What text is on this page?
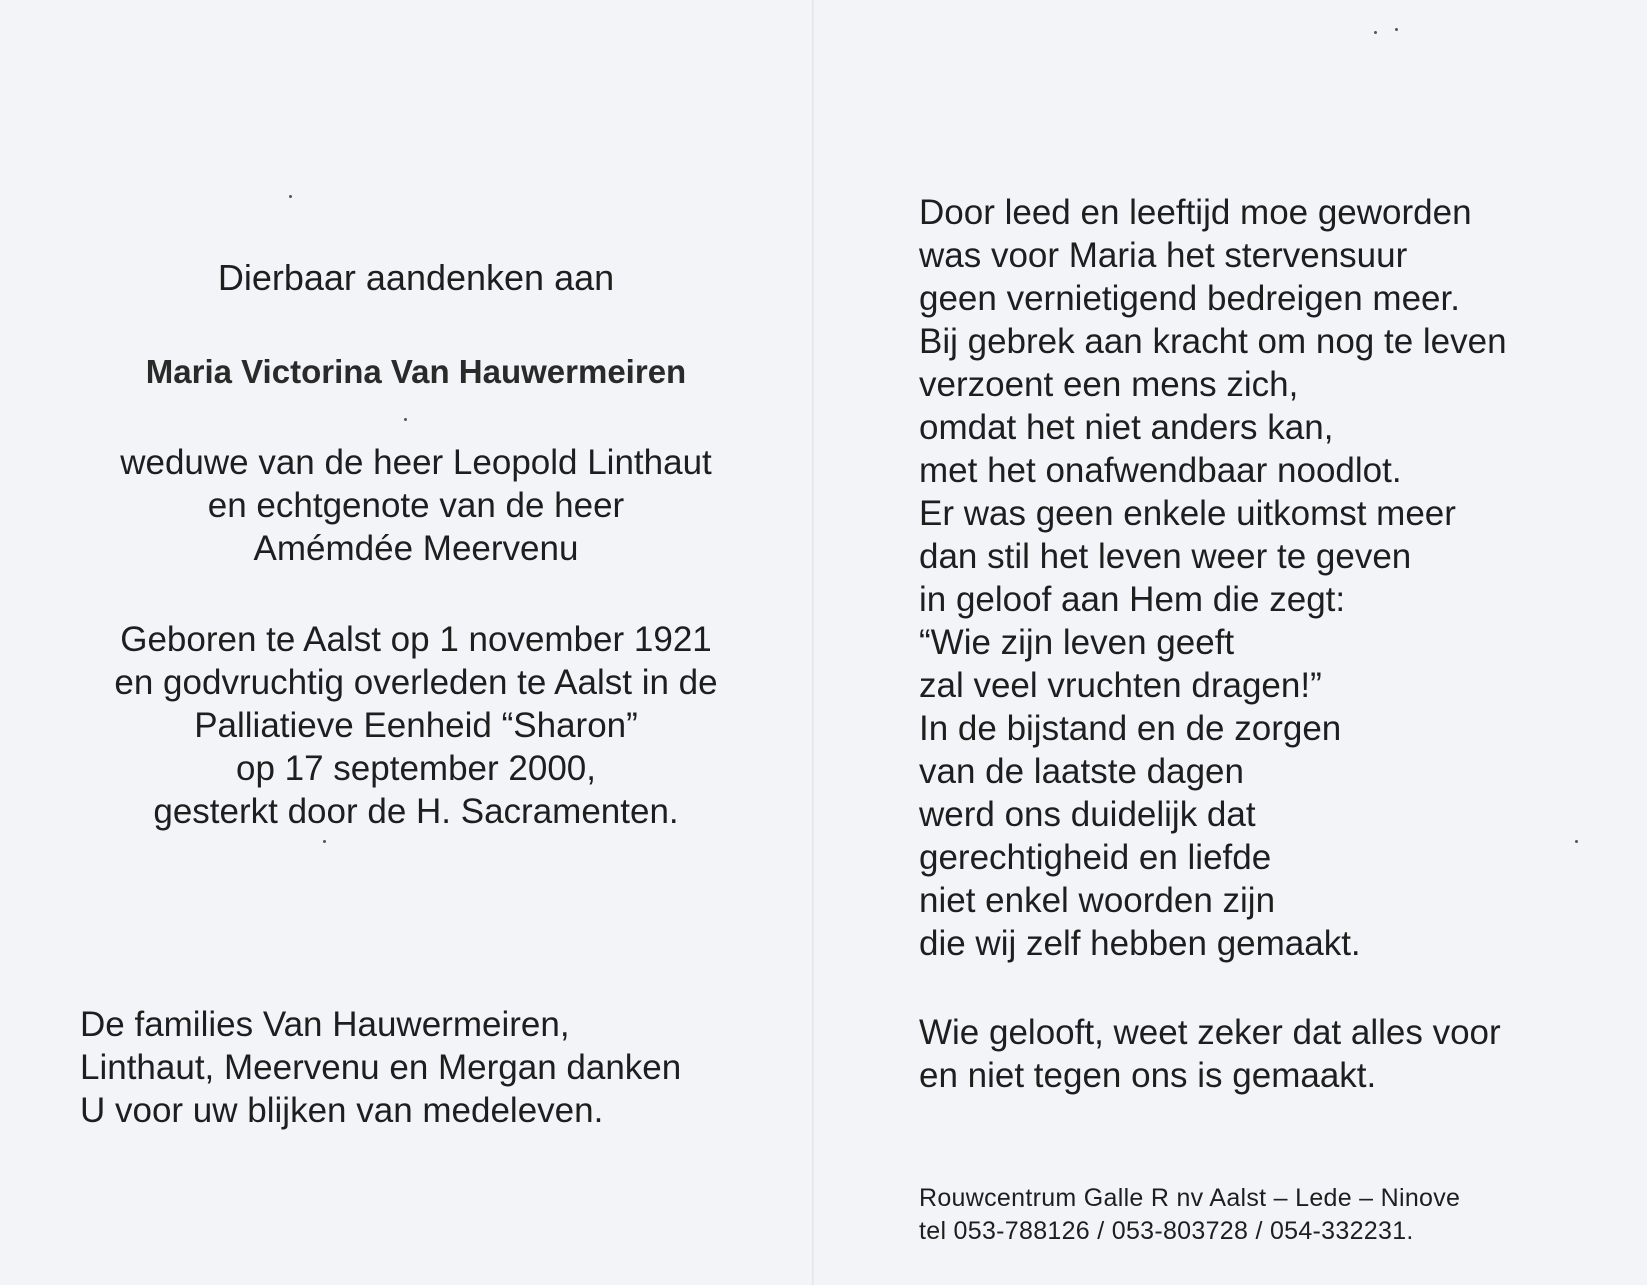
Dierbaar aandenken aan
Maria Victorina Van Hauwermeiren
weduwe van de heer Leopold Linthaut
en echtgenote van de heer
Amémdée Meervenu
Geboren te Aalst op 1 november 1921
en godvruchtig overleden te Aalst in de
Palliatieve Eenheid “Sharon”
op 17 september 2000,
gesterkt door de H. Sacramenten.
De families Van Hauwermeiren,
Linthaut, Meervenu en Mergan danken
U voor uw blijken van medeleven.
Door leed en leeftijd moe geworden
was voor Maria het stervensuur
geen vernietigend bedreigen meer.
Bij gebrek aan kracht om nog te leven
verzoent een mens zich,
omdat het niet anders kan,
met het onafwendbaar noodlot.
Er was geen enkele uitkomst meer
dan stil het leven weer te geven
in geloof aan Hem die zegt:
“Wie zijn leven geeft
zal veel vruchten dragen!”
In de bijstand en de zorgen
van de laatste dagen
werd ons duidelijk dat
gerechtigheid en liefde
niet enkel woorden zijn
die wij zelf hebben gemaakt.
Wie gelooft, weet zeker dat alles voor
en niet tegen ons is gemaakt.
Rouwcentrum Galle R nv Aalst – Lede – Ninove
tel 053-788126 / 053-803728 / 054-332231.
